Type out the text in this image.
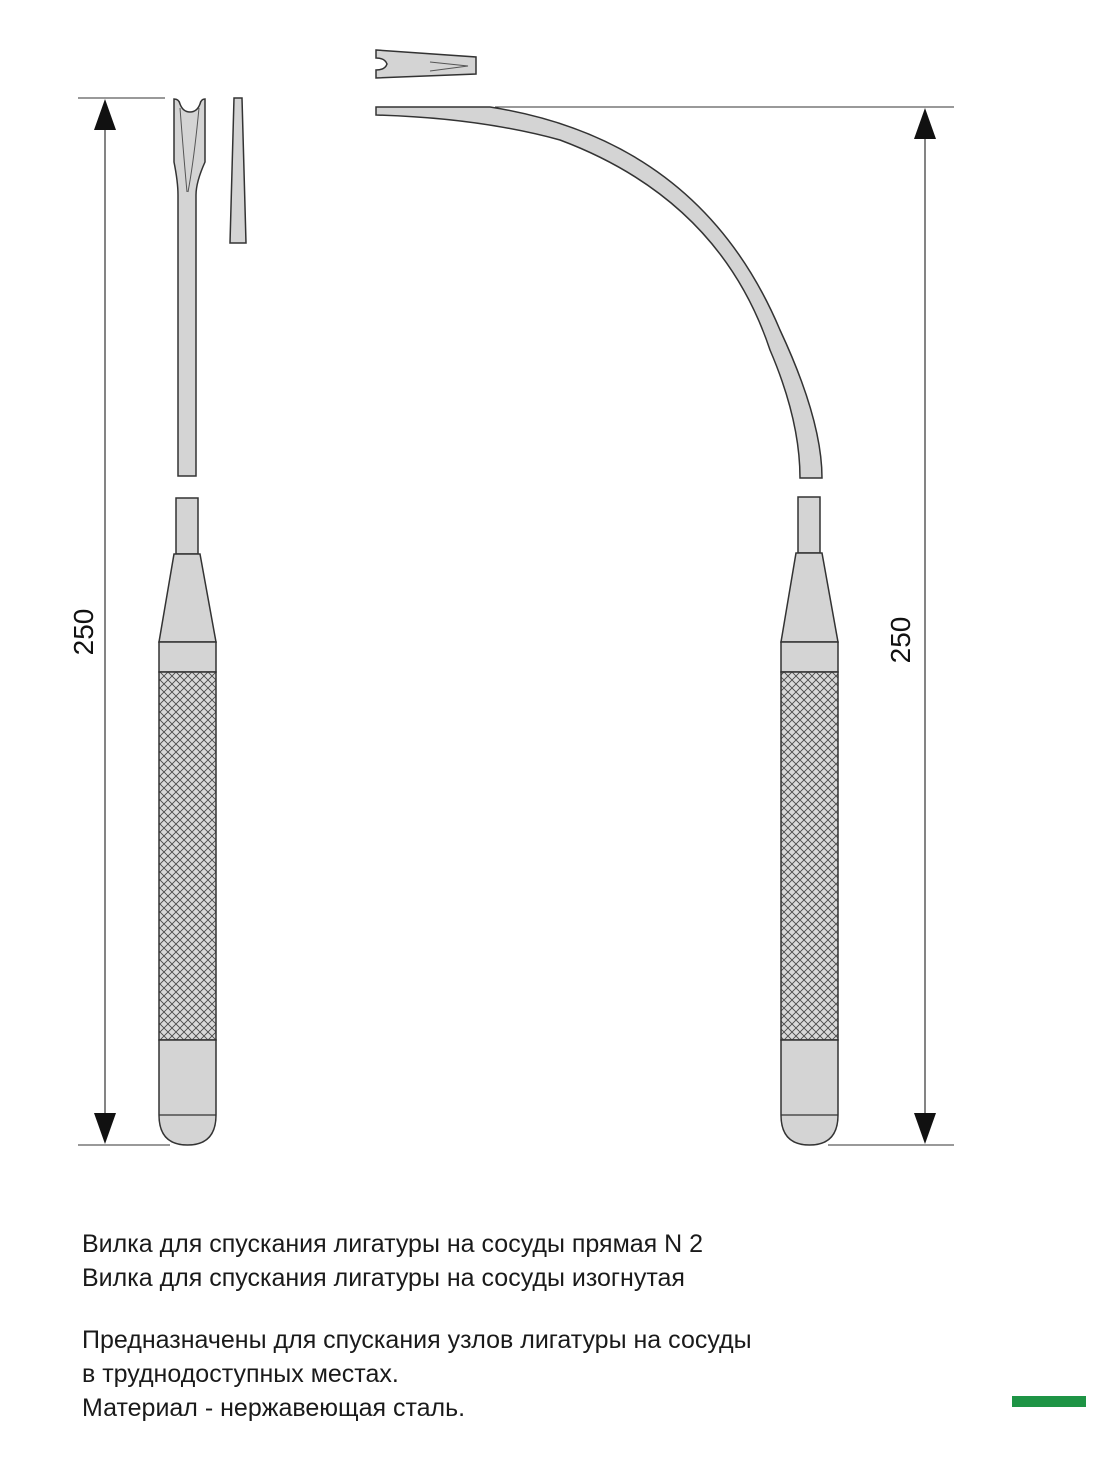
250	250
Вилка для спускания лигатуры на сосуды прямая N 2
Вилка для спускания лигатуры на сосуды изогнутая
Предназначены для спускания узлов лигатуры на сосуды
в труднодоступных местах.
Материал - нержавеющая сталь.
